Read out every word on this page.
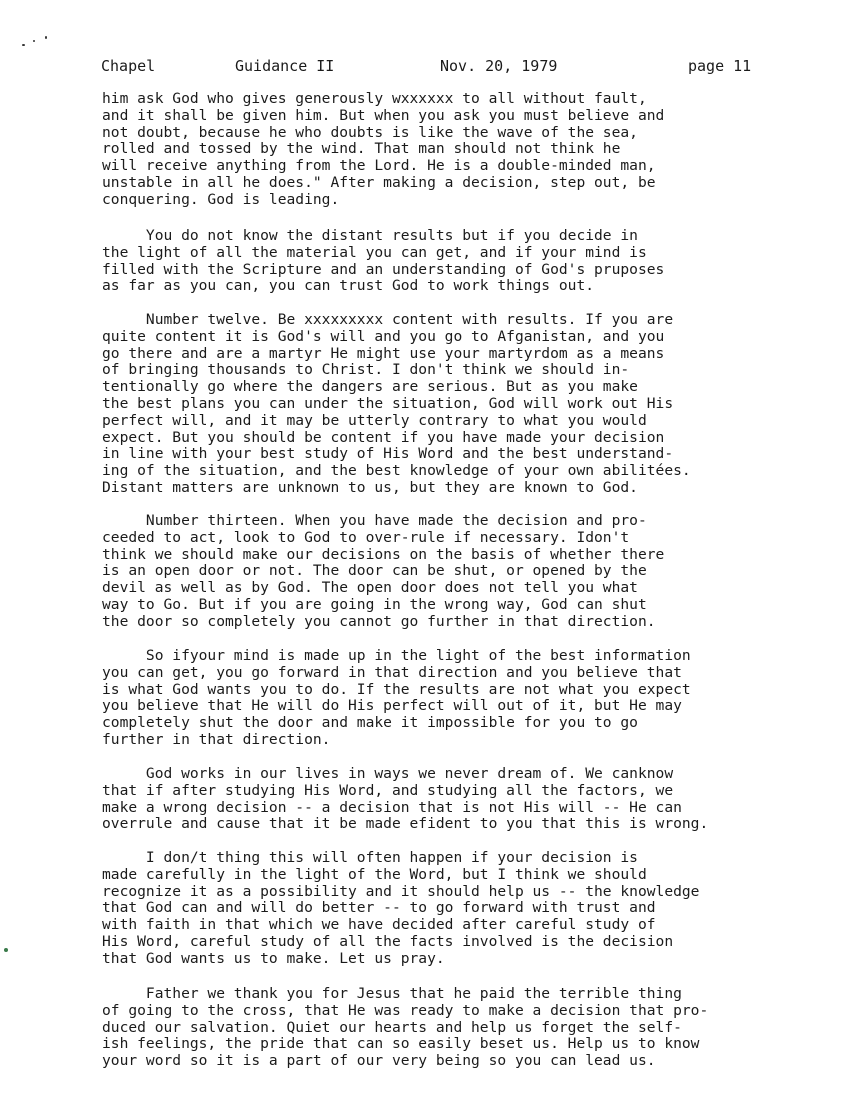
Chapel	Guidance II	Nov. 20, 1979	page 11

him ask God who gives generously wxxxxxx to all without fault,
and it shall be given him. But when you ask you must believe and
not doubt, because he who doubts is like the wave of the sea,
rolled and tossed by the wind. That man should not think he
will receive anything from the Lord. He is a double-minded man,
unstable in all he does." After making a decision, step out, be
conquering. God is leading.

You do not know the distant results but if you decide in
the light of all the material you can get, and if your mind is
filled with the Scripture and an understanding of God's pruposes
as far as you can, you can trust God to work things out.

Number twelve. Be xxxxxxxxx content with results. If you are
quite content it is God's will and you go to Afganistan, and you
go there and are a martyr He might use your martyrdom as a means
of bringing thousands to Christ. I don't think we should in-
tentionally go where the dangers are serious. But as you make
the best plans you can under the situation, God will work out His
perfect will, and it may be utterly contrary to what you would
expect. But you should be content if you have made your decision
in line with your best study of His Word and the best understand-
ing of the situation, and the best knowledge of your own abilitées.
Distant matters are unknown to us, but they are known to God.

Number thirteen. When you have made the decision and pro-
ceeded to act, look to God to over-rule if necessary. Idon't
think we should make our decisions on the basis of whether there
is an open door or not. The door can be shut, or opened by the
devil as well as by God. The open door does not tell you what
way to Go. But if you are going in the wrong way, God can shut
the door so completely you cannot go further in that direction.

So ifyour mind is made up in the light of the best information
you can get, you go forward in that direction and you believe that
is what God wants you to do. If the results are not what you expect
you believe that He will do His perfect will out of it, but He may
completely shut the door and make it impossible for you to go
further in that direction.

God works in our lives in ways we never dream of. We canknow
that if after studying His Word, and studying all the factors, we
make a wrong decision -- a decision that is not His will -- He can
overrule and cause that it be made efident to you that this is wrong.

I don/t thing this will often happen if your decision is
made carefully in the light of the Word, but I think we should
recognize it as a possibility and it should help us -- the knowledge
that God can and will do better -- to go forward with trust and
with faith in that which we have decided after careful study of
His Word, careful study of all the facts involved is the decision
that God wants us to make. Let us pray.

Father we thank you for Jesus that he paid the terrible thing
of going to the cross, that He was ready to make a decision that pro-
duced our salvation. Quiet our hearts and help us forget the self-
ish feelings, the pride that can so easily beset us. Help us to know
your word so it is a part of our very being so you can lead us.
